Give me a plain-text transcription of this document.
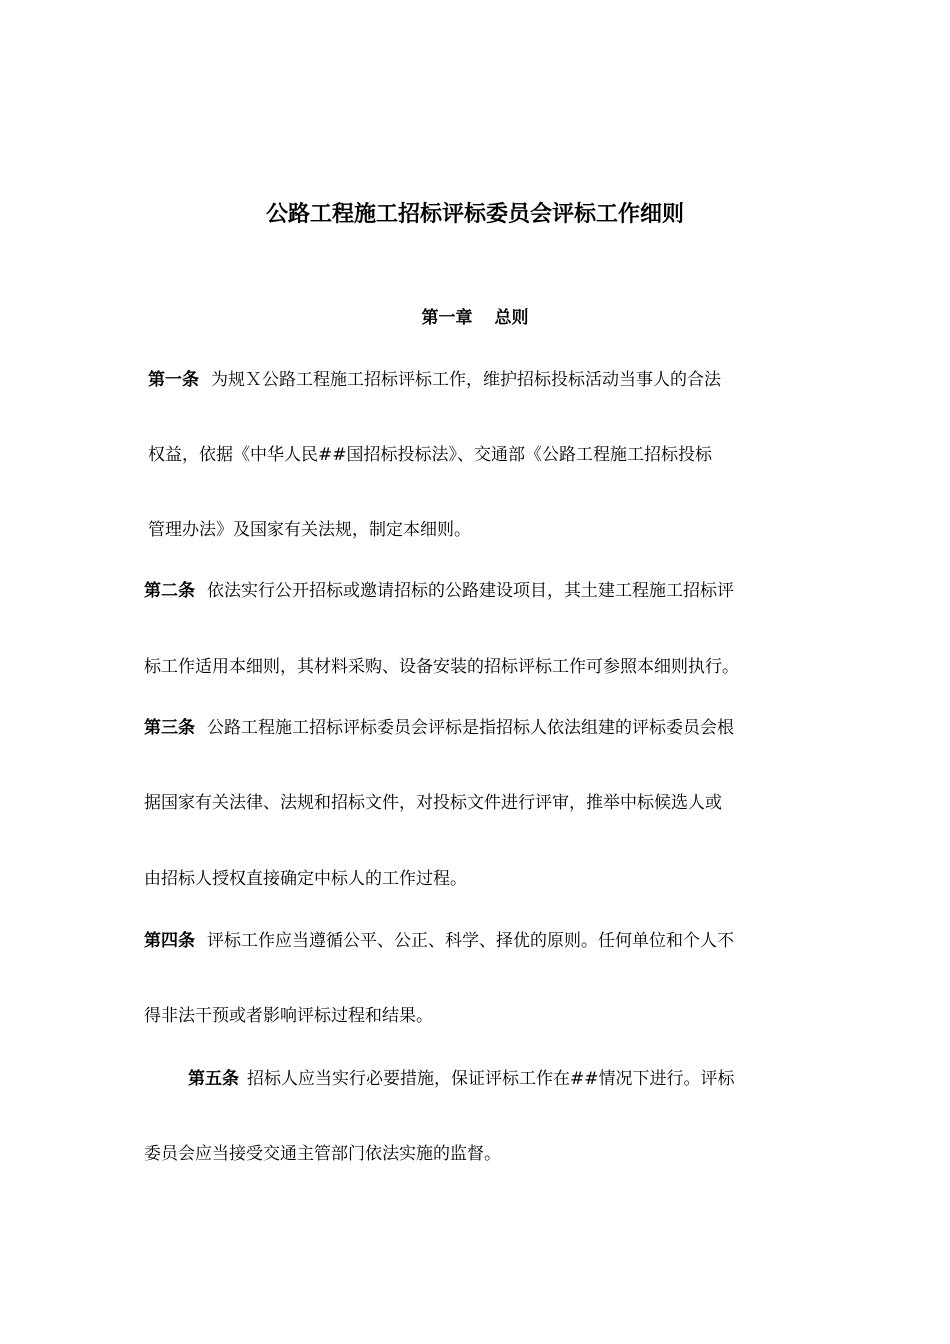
公路工程施工招标评标委员会评标工作细则
第一章 总则
第一条 为规Ｘ公路工程施工招标评标工作，维护招标投标活动当事人的合法
权益，依据《中华人民##国招标投标法》、交通部《公路工程施工招标投标
管理办法》及国家有关法规，制定本细则。
第二条 依法实行公开招标或邀请招标的公路建设项目，其土建工程施工招标评
标工作适用本细则，其材料采购、设备安装的招标评标工作可参照本细则执行。
第三条 公路工程施工招标评标委员会评标是指招标人依法组建的评标委员会根
据国家有关法律、法规和招标文件，对投标文件进行评审，推举中标候选人或
由招标人授权直接确定中标人的工作过程。
第四条 评标工作应当遵循公平、公正、科学、择优的原则。任何单位和个人不
得非法干预或者影响评标过程和结果。
第五条 招标人应当实行必要措施，保证评标工作在##情况下进行。评标
委员会应当接受交通主管部门依法实施的监督。
